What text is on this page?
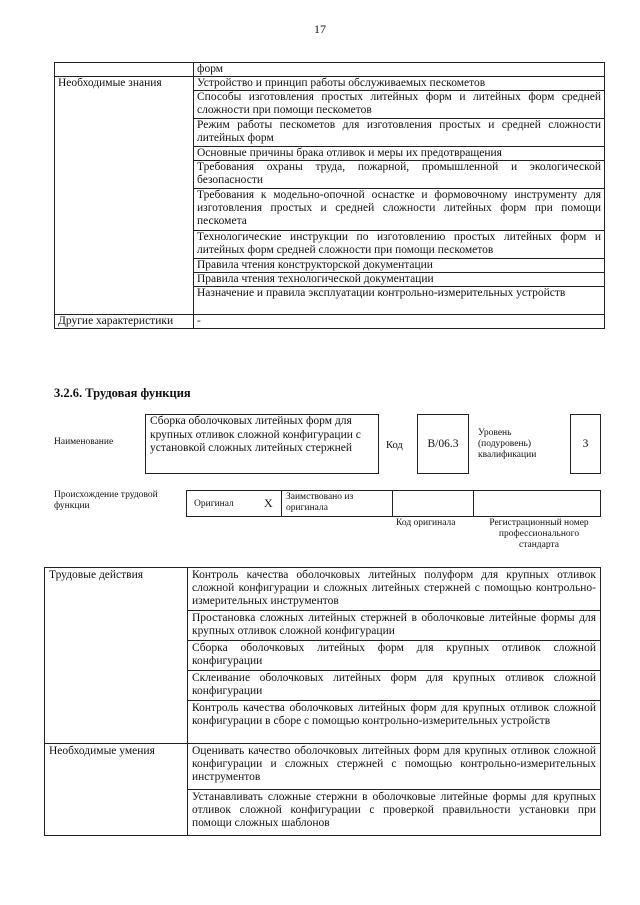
17
	форм
Необходимые знания	Устройство и принцип работы обслуживаемых пескометов
	Способы изготовления простых литейных форм и литейных форм средней сложности при помощи пескометов
	Режим работы пескометов для изготовления простых и средней сложности литейных форм
	Основные причины брака отливок и меры их предотвращения
	Требования охраны труда, пожарной, промышленной и экологической безопасности
	Требования к модельно-опочной оснастке и формовочному инструменту для изготовления простых и средней сложности литейных форм при помощи пескомета
	Технологические инструкции по изготовлению простых литейных форм и литейных форм средней сложности при помощи пескометов
	Правила чтения конструкторской документации
	Правила чтения технологической документации
	Назначение и правила эксплуатации контрольно-измерительных устройств
Другие характеристики	-
3.2.6. Трудовая функция
Наименование
Сборка оболочковых литейных форм для крупных отливок сложной конфигурации с установкой сложных литейных стержней	Код B/06.3
Уровень (подуровень) квалификации
3
Происхождение трудовой функции	Оригинал	X Заимствовано из оригинала
Код оригинала	Регистрационный номер профессионального стандарта
Трудовые действия	Контроль качества оболочковых литейных полуформ для крупных отливок сложной конфигурации и сложных литейных стержней с помощью контрольно-измерительных инструментов
	Простановка сложных литейных стержней в оболочковые литейные формы для крупных отливок сложной конфигурации
	Сборка оболочковых литейных форм для крупных отливок сложной конфигурации
	Склеивание оболочковых литейных форм для крупных отливок сложной конфигурации
	Контроль качества оболочковых литейных форм для крупных отливок сложной конфигурации в сборе с помощью контрольно-измерительных устройств
Необходимые умения	Оценивать качество оболочковых литейных форм для крупных отливок сложной конфигурации и сложных стержней с помощью контрольно-измерительных инструментов
	Устанавливать сложные стержни в оболочковые литейные формы для крупных отливок сложной конфигурации с проверкой правильности установки при помощи сложных шаблонов
